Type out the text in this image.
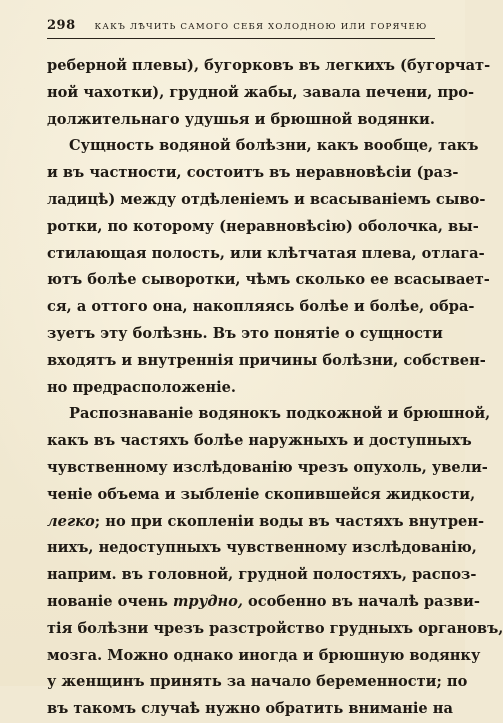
298	КАКЪ ЛѢЧИТЬ САМОГО СЕБЯ ХОЛОДНОЮ ИЛИ ГОРЯЧЕЮ
реберной плевы), бугорковъ въ легкихъ (бугорчат-
ной чахотки), грудной жабы, завала печени, про-
должительнаго удушья и брюшной водянки.
Сущность водяной болѣзни, какъ вообще, такъ
и въ частности, состоитъ въ неравновѣсіи (раз-
ладицѣ) между отдѣленіемъ и всасываніемъ сыво-
ротки, по которому (неравновѣсію) оболочка, вы-
стилающая полость, или клѣтчатая плева, отлага-
ютъ болѣе сыворотки, чѣмъ сколько ее всасывает-
ся, а оттого она, накопляясь болѣе и болѣе, обра-
зуетъ эту болѣзнь. Въ это понятіе о сущности
входятъ и внутреннія причины болѣзни, собствен-
но предрасположеніе.
Распознаваніе водянокъ подкожной и брюшной,
какъ въ частяхъ болѣе наружныхъ и доступныхъ
чувственному изслѣдованію чрезъ опухоль, увели-
ченіе объема и зыбленіе скопившейся жидкости,
легко; но при скопленіи воды въ частяхъ внутрен-
нихъ, недоступныхъ чувственному изслѣдованію,
наприм. въ головной, грудной полостяхъ, распоз-
нованіе очень трудно, особенно въ началѣ разви-
тія болѣзни чрезъ разстройство грудныхъ органовъ,
мозга. Можно однако иногда и брюшную водянку
у женщинъ принять за начало беременности; по
въ такомъ случаѣ нужно обратить вниманіе на
